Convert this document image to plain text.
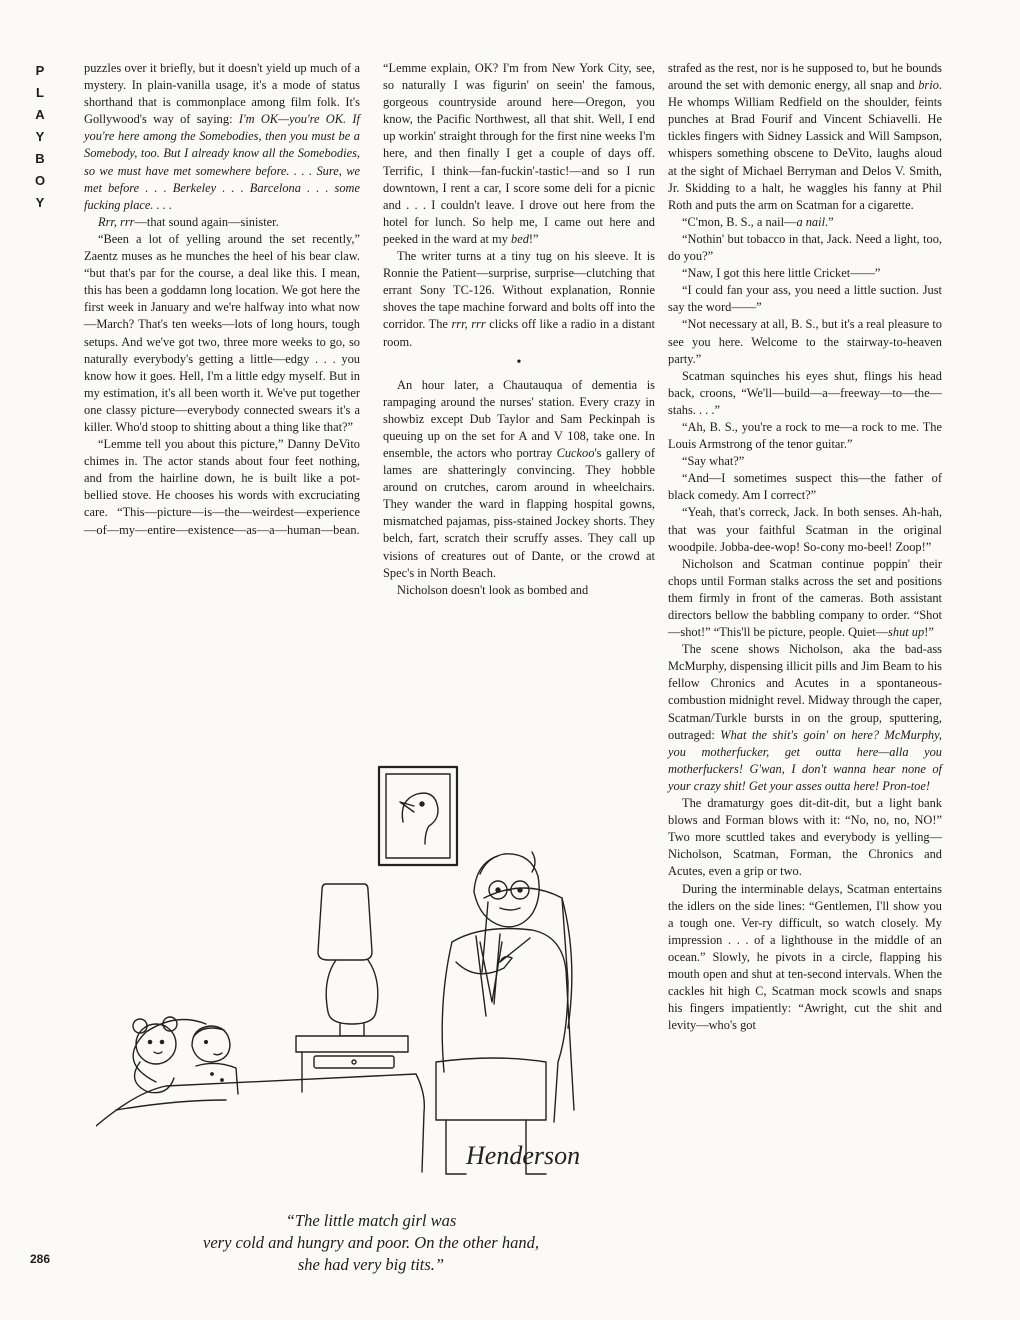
P
L
A
Y
B
O
Y

puzzles over it briefly, but it doesn't yield up much of a mystery. In plain-vanilla usage, it's a mode of status shorthand that is commonplace among film folk. It's Gollywood's way of saying: I'm OK—you're OK. If you're here among the Somebodies, then you must be a Somebody, too. But I already know all the Somebodies, so we must have met somewhere before. . . . Sure, we met before . . . Berkeley . . . Barcelona . . . some fucking place. . . .

Rrr, rrr—that sound again—sinister.

“Been a lot of yelling around the set recently,” Zaentz muses as he munches the heel of his bear claw. “but that's par for the course, a deal like this. I mean, this has been a goddamn long location. We got here the first week in January and we're halfway into what now—March? That's ten weeks—lots of long hours, tough setups. And we've got two, three more weeks to go, so naturally everybody's getting a little—edgy . . . you know how it goes. Hell, I'm a little edgy myself. But in my estimation, it's all been worth it. We've put together one classy picture—everybody connected swears it's a killer. Who'd stoop to shitting about a thing like that?”

“Lemme tell you about this picture,” Danny DeVito chimes in. The actor stands about four feet nothing, and from the hairline down, he is built like a pot-bellied stove. He chooses his words with excruciating care. “This—picture—is—the—weirdest—experience—of—my—entire—existence—as—a—human—bean.

“Lemme explain, OK? I'm from New York City, see, so naturally I was figurin' on seein' the famous, gorgeous countryside around here—Oregon, you know, the Pacific Northwest, all that shit. Well, I end up workin' straight through for the first nine weeks I'm here, and then finally I get a couple of days off. Terrific, I think—fan-fuckin'-tastic!—and so I run downtown, I rent a car, I score some deli for a picnic and . . . I couldn't leave. I drove out here from the hotel for lunch. So help me, I came out here and peeked in the ward at my bed!”

The writer turns at a tiny tug on his sleeve. It is Ronnie the Patient—surprise, surprise—clutching that errant Sony TC-126. Without explanation, Ronnie shoves the tape machine forward and bolts off into the corridor. The rrr, rrr clicks off like a radio in a distant room.

•

An hour later, a Chautauqua of dementia is rampaging around the nurses' station. Every crazy in showbiz except Dub Taylor and Sam Peckinpah is queuing up on the set for A and V 108, take one. In ensemble, the actors who portray Cuckoo's gallery of lames are shatteringly convincing. They hobble around on crutches, carom around in wheelchairs. They wander the ward in flapping hospital gowns, mismatched pajamas, piss-stained Jockey shorts. They belch, fart, scratch their scruffy asses. They call up visions of creatures out of Dante, or the crowd at Spec's in North Beach.

Nicholson doesn't look as bombed and

strafed as the rest, nor is he supposed to, but he bounds around the set with demonic energy, all snap and brio. He whomps William Redfield on the shoulder, feints punches at Brad Fourif and Vincent Schiavelli. He tickles fingers with Sidney Lassick and Will Sampson, whispers something obscene to DeVito, laughs aloud at the sight of Michael Berryman and Delos V. Smith, Jr. Skidding to a halt, he waggles his fanny at Phil Roth and puts the arm on Scatman for a cigarette.

“C'mon, B. S., a nail—a nail.”

“Nothin' but tobacco in that, Jack. Need a light, too, do you?”

“Naw, I got this here little Cricket——”

“I could fan your ass, you need a little suction. Just say the word——”

“Not necessary at all, B. S., but it's a real pleasure to see you here. Welcome to the stairway-to-heaven party.”

Scatman squinches his eyes shut, flings his head back, croons, “We'll—build—a—freeway—to—the—stahs. . . .”

“Ah, B. S., you're a rock to me—a rock to me. The Louis Armstrong of the tenor guitar.”

“Say what?”

“And—I sometimes suspect this—the father of black comedy. Am I correct?”

“Yeah, that's correck, Jack. In both senses. Ah-hah, that was your faithful Scatman in the original woodpile. Jobba-dee-wop! So-cony mo-beel! Zoop!”

Nicholson and Scatman continue poppin' their chops until Forman stalks across the set and positions them firmly in front of the cameras. Both assistant directors bellow the babbling company to order. “Shot—shot!” “This'll be picture, people. Quiet—shut up!”

The scene shows Nicholson, aka the bad-ass McMurphy, dispensing illicit pills and Jim Beam to his fellow Chronics and Acutes in a spontaneous-combustion midnight revel. Midway through the caper, Scatman/Turkle bursts in on the group, sputtering, outraged: What the shit's goin' on here? McMurphy, you motherfucker, get outta here—alla you motherfuckers! G'wan, I don't wanna hear none of your crazy shit! Get your asses outta here! Pron-toe!

The dramaturgy goes dit-dit-dit, but a light bank blows and Forman blows with it: “No, no, no, NO!” Two more scuttled takes and everybody is yelling—Nicholson, Scatman, Forman, the Chronics and Acutes, even a grip or two.

During the interminable delays, Scatman entertains the idlers on the side lines: “Gentlemen, I'll show you a tough one. Ver-ry difficult, so watch closely. My impression . . . of a lighthouse in the middle of an ocean.” Slowly, he pivots in a circle, flapping his mouth open and shut at ten-second intervals. When the cackles hit high C, Scatman mock scowls and snaps his fingers impatiently: “Awright, cut the shit and levity—who's got

Henderson
“The little match girl was
very cold and hungry and poor. On the other hand,
she had very big tits.”
286
